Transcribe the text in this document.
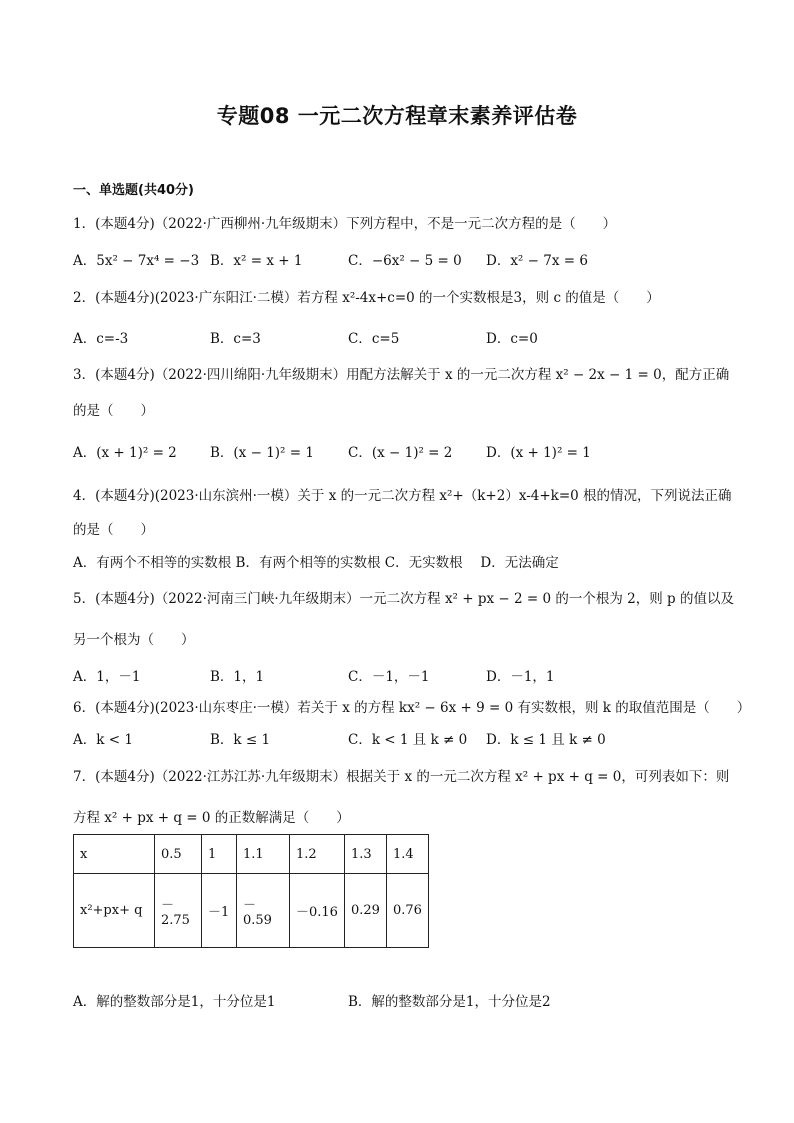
专题08 一元二次方程章末素养评估卷
一、单选题(共40分)
1．(本题4分)（2022·广西柳州·九年级期末）下列方程中，不是一元二次方程的是（　　）
A．5x² − 7x⁴ = −3 B．x² = x + 1	C．−6x² − 5 = 0 D．x² − 7x = 6
2．(本题4分)(2023·广东阳江·二模）若方程 x²-4x+c=0 的一个实数根是3，则 c 的值是（　　）
A．c=-3	B．c=3	C．c=5	D．c=0
3．(本题4分)（2022·四川绵阳·九年级期末）用配方法解关于 x 的一元二次方程 x² − 2x − 1 = 0，配方正确
的是（　　）
A．(x + 1)² = 2 B．(x − 1)² = 1	C．(x − 1)² = 2 D．(x + 1)² = 1
4．(本题4分)(2023·山东滨州·一模）关于 x 的一元二次方程 x²+（k+2）x-4+k=0 根的情况，下列说法正确
的是（　　）
A．有两个不相等的实数根 B．有两个相等的实数根 C．无实数根　 D．无法确定
5．(本题4分)（2022·河南三门峡·九年级期末）一元二次方程 x² + px − 2 = 0 的一个根为 2，则 p 的值以及
另一个根为（　　）
A．1，－1	B．1，1	C．－1，－1	D．－1，1
6．(本题4分)(2023·山东枣庄·一模）若关于 x 的方程 kx² − 6x + 9 = 0 有实数根，则 k 的取值范围是（　　）
A．k < 1	B．k ≤ 1	C．k < 1 且 k ≠ 0 D．k ≤ 1 且 k ≠ 0
7．(本题4分)（2022·江苏江苏·九年级期末）根据关于 x 的一元二次方程 x² + px + q = 0，可列表如下：则
方程 x² + px + q = 0 的正数解满足（　　）
x	0.5	1	1.1	1.2	1.3	1.4
x²+px+ q	－2.75	－1	－0.59	－0.16	0.29	0.76
A．解的整数部分是1，十分位是1	B．解的整数部分是1，十分位是2
